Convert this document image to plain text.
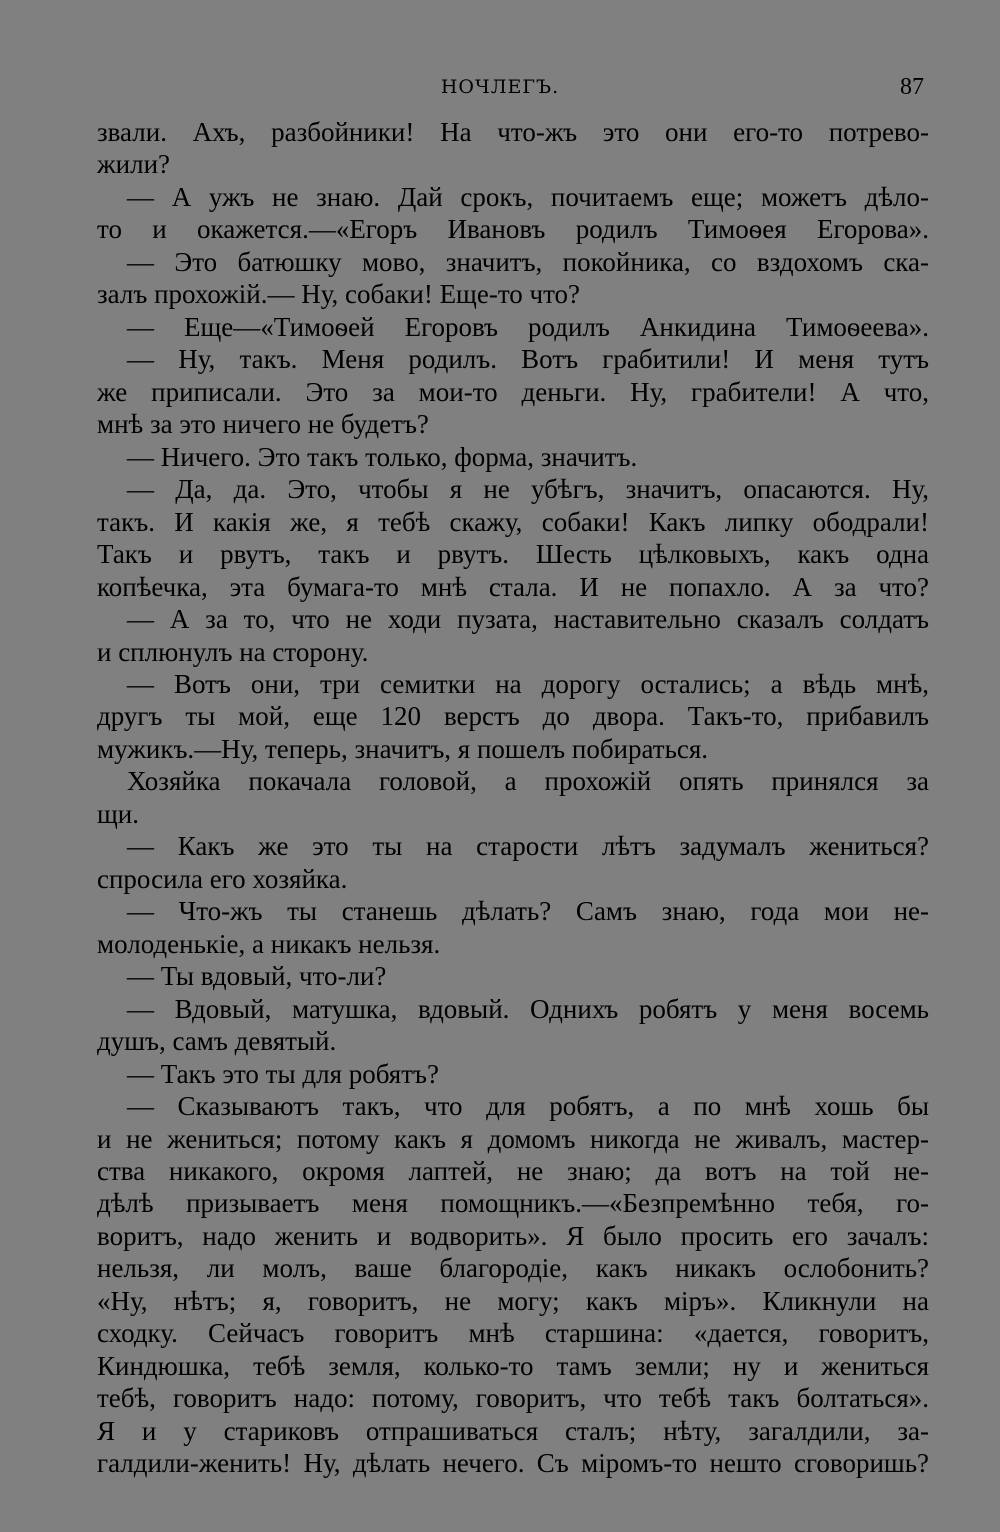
НОЧЛЕГЪ.	87
звали. Ахъ, разбойники! На что-жъ это они его-то потрево-
жили?
— А ужъ не знаю. Дай срокъ, почитаемъ еще; можетъ дѣло-
то и окажется.—«Егоръ Ивановъ родилъ Тимоѳея Егорова».
— Это батюшку мово, значитъ, покойника, со вздохомъ ска-
залъ прохожій.— Ну, собаки! Еще-то что?
— Еще—«Тимоѳей Егоровъ родилъ Анкидина Тимоѳеева».
— Ну, такъ. Меня родилъ. Вотъ грабитили! И меня тутъ
же приписали. Это за мои-то деньги. Ну, грабители! А что,
мнѣ за это ничего не будетъ?
— Ничего. Это такъ только, форма, значитъ.
— Да, да. Это, чтобы я не убѣгъ, значитъ, опасаются. Ну,
такъ. И какія же, я тебѣ скажу, собаки! Какъ липку ободрали!
Такъ и рвутъ, такъ и рвутъ. Шесть цѣлковыхъ, какъ одна
копѣечка, эта бумага-то мнѣ стала. И не попахло. А за что?
— А за то, что не ходи пузата, наставительно сказалъ солдатъ
и сплюнулъ на сторону.
— Вотъ они, три семитки на дорогу остались; а вѣдь мнѣ,
другъ ты мой, еще 120 верстъ до двора. Такъ-то, прибавилъ
мужикъ.—Ну, теперь, значитъ, я пошелъ побираться.
Хозяйка покачала головой, а прохожій опять принялся за
щи.
— Какъ же это ты на старости лѣтъ задумалъ жениться?
спросила его хозяйка.
— Что-жъ ты станешь дѣлать? Самъ знаю, года мои не-
молоденькіе, а никакъ нельзя.
— Ты вдовый, что-ли?
— Вдовый, матушка, вдовый. Однихъ робятъ у меня восемь
душъ, самъ девятый.
— Такъ это ты для робятъ?
— Сказываютъ такъ, что для робятъ, а по мнѣ хошь бы
и не жениться; потому какъ я домомъ никогда не живалъ, мастер-
ства никакого, окромя лаптей, не знаю; да вотъ на той не-
дѣлѣ призываетъ меня помощникъ.—«Безпремѣнно тебя, го-
воритъ, надо женить и водворить». Я было просить его зачалъ:
нельзя, ли молъ, ваше благородіе, какъ никакъ ослобонить?
«Ну, нѣтъ; я, говоритъ, не могу; какъ міръ». Кликнули на
сходку. Сейчасъ говоритъ мнѣ старшина: «дается, говоритъ,
Киндюшка, тебѣ земля, колько-то тамъ земли; ну и жениться
тебѣ, говоритъ надо: потому, говоритъ, что тебѣ такъ болтаться».
Я и у стариковъ отпрашиваться сталъ; нѣту, загалдили, за-
галдили-женить! Ну, дѣлать нечего. Съ міромъ-то нешто сговоришь?
